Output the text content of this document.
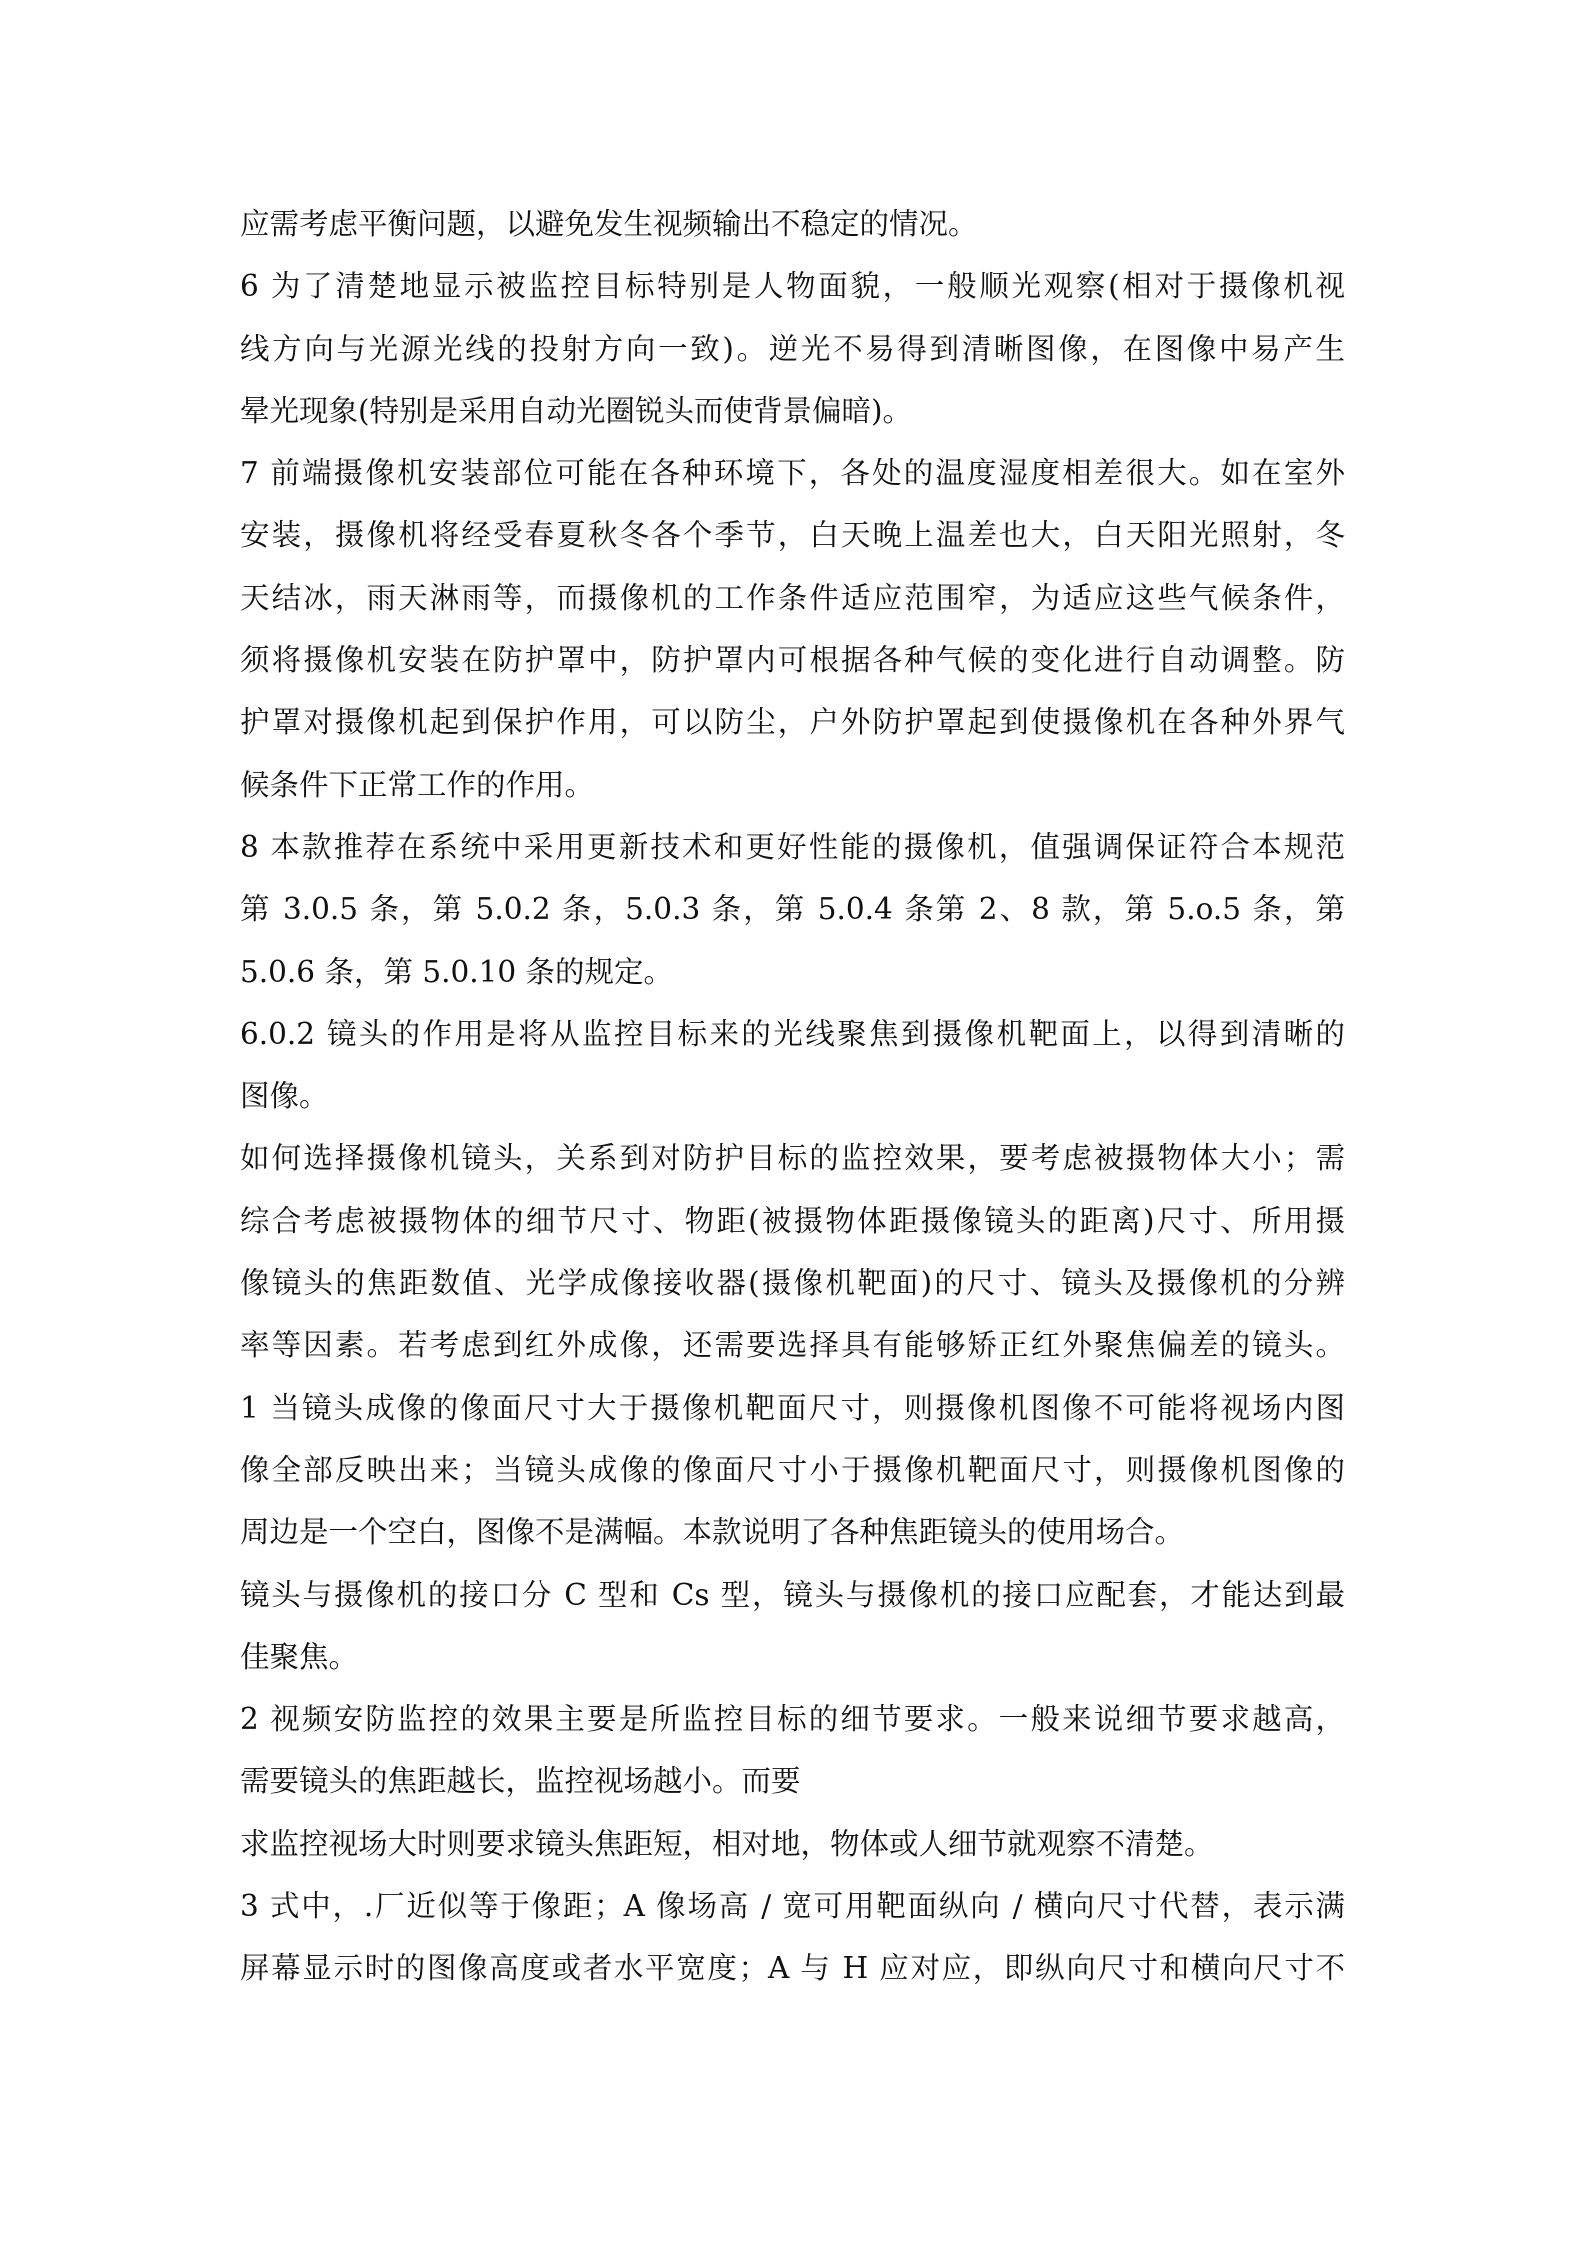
应需考虑平衡问题，以避免发生视频输出不稳定的情况。
6 为了清楚地显示被监控目标特别是人物面貌，一般顺光观察(相对于摄像机视
线方向与光源光线的投射方向一致)。逆光不易得到清晰图像，在图像中易产生
晕光现象(特别是采用自动光圈锐头而使背景偏暗)。
7 前端摄像机安装部位可能在各种环境下，各处的温度湿度相差很大。如在室外
安装，摄像机将经受春夏秋冬各个季节，白天晚上温差也大，白天阳光照射，冬
天结冰，雨天淋雨等，而摄像机的工作条件适应范围窄，为适应这些气候条件，
须将摄像机安装在防护罩中，防护罩内可根据各种气候的变化进行自动调整。防
护罩对摄像机起到保护作用，可以防尘，户外防护罩起到使摄像机在各种外界气
候条件下正常工作的作用。
8 本款推荐在系统中采用更新技术和更好性能的摄像机，值强调保证符合本规范
第 3.0.5 条，第 5.0.2 条，5.0.3 条，第 5.0.4 条第 2、8 款，第 5.o.5 条，第
5.0.6 条，第 5.0.10 条的规定。
6.0.2 镜头的作用是将从监控目标来的光线聚焦到摄像机靶面上，以得到清晰的
图像。
如何选择摄像机镜头，关系到对防护目标的监控效果，要考虑被摄物体大小；需
综合考虑被摄物体的细节尺寸、物距(被摄物体距摄像镜头的距离)尺寸、所用摄
像镜头的焦距数值、光学成像接收器(摄像机靶面)的尺寸、镜头及摄像机的分辨
率等因素。若考虑到红外成像，还需要选择具有能够矫正红外聚焦偏差的镜头。
1 当镜头成像的像面尺寸大于摄像机靶面尺寸，则摄像机图像不可能将视场内图
像全部反映出来；当镜头成像的像面尺寸小于摄像机靶面尺寸，则摄像机图像的
周边是一个空白，图像不是满幅。本款说明了各种焦距镜头的使用场合。
镜头与摄像机的接口分 C 型和 Cs 型，镜头与摄像机的接口应配套，才能达到最
佳聚焦。
2 视频安防监控的效果主要是所监控目标的细节要求。一般来说细节要求越高，
需要镜头的焦距越长，监控视场越小。而要
求监控视场大时则要求镜头焦距短，相对地，物体或人细节就观察不清楚。
3 式中，.厂近似等于像距；A 像场高 / 宽可用靶面纵向 / 横向尺寸代替，表示满
屏幕显示时的图像高度或者水平宽度；A 与 H 应对应，即纵向尺寸和横向尺寸不
